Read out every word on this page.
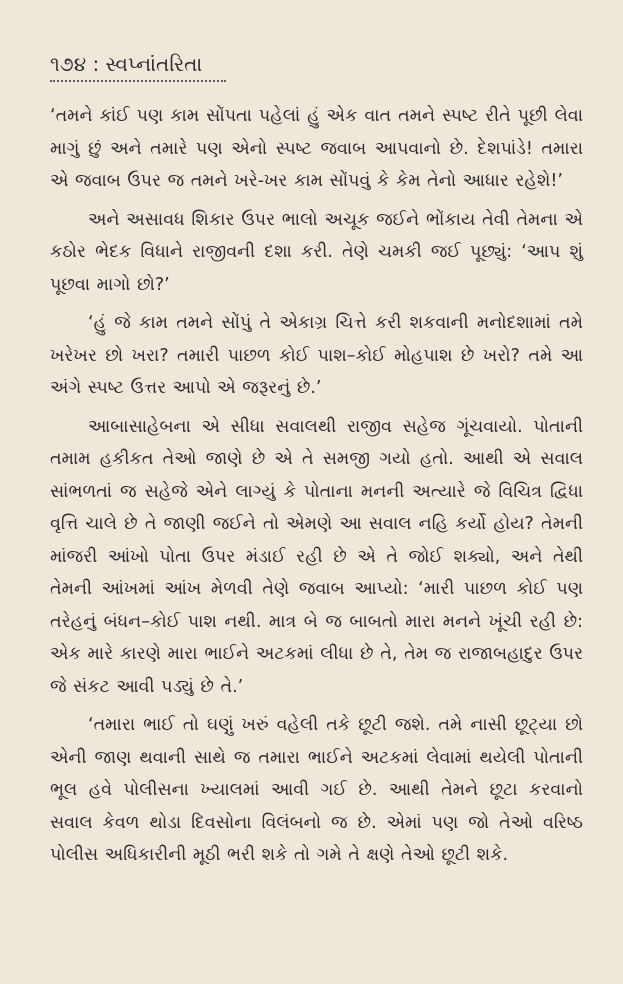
૧૭૪ : સ્વપ્નાંતરિતા

‘તમને કાંઈ પણ કામ સોંપતા પહેલાં હું એક વાત તમને સ્પષ્ટ રીતે પૂછી લેવા માગું છું અને તમારે પણ એનો સ્પષ્ટ જવાબ આપવાનો છે. દેશપાંડે! તમારા એ જવાબ ઉપર જ તમને ખરે-ખર કામ સોંપવું કે કેમ તેનો આધાર રહેશે!’

અને અસાવધ શિકાર ઉપર ભાલો અચૂક જઈને ભોંકાય તેવી તેમના એ કઠોર ભેદક વિધાને રાજીવની દશા કરી. તેણે ચમકી જઈ પૂછ્યું: ‘આપ શું પૂછવા માગો છો?’

‘હું જે કામ તમને સોંપું તે એકાગ્ર ચિત્તે કરી શકવાની મનોદશામાં તમે ખરેખર છો ખરા? તમારી પાછળ કોઈ પાશ–કોઈ મોહપાશ છે ખરો? તમે આ અંગે સ્પષ્ટ ઉત્તર આપો એ જરૂરનું છે.’

આબાસાહેબના એ સીધા સવાલથી રાજીવ સહેજ ગૂંચવાયો. પોતાની તમામ હકીકત તેઓ જાણે છે એ તે સમજી ગયો હતો. આથી એ સવાલ સાંભળતાં જ સહેજે એને લાગ્યું કે પોતાના મનની અત્યારે જે વિચિત્ર દ્વિધા વૃત્તિ ચાલે છે તે જાણી જઈને તો એમણે આ સવાલ નહિ કર્યો હોય? તેમની માંજરી આંખો પોતા ઉપર મંડાઈ રહી છે એ તે જોઈ શક્યો, અને તેથી તેમની આંખમાં આંખ મેળવી તેણે જવાબ આપ્યો: ‘મારી પાછળ કોઈ પણ તરેહનું બંધન–કોઈ પાશ નથી. માત્ર બે જ બાબતો મારા મનને ખૂંચી રહી છે: એક મારે કારણે મારા ભાઈને અટકમાં લીધા છે તે, તેમ જ રાજાબહાદુર ઉપર જે સંકટ આવી પડ્યું છે તે.’

‘તમારા ભાઈ તો ઘણું ખરું વહેલી તકે છૂટી જશે. તમે નાસી છૂટ્યા છો એની જાણ થવાની સાથે જ તમારા ભાઈને અટકમાં લેવામાં થયેલી પોતાની ભૂલ હવે પોલીસના ખ્યાલમાં આવી ગઈ છે. આથી તેમને છૂટા કરવાનો સવાલ કેવળ થોડા દિવસોના વિલંબનો જ છે. એમાં પણ જો તેઓ વરિષ્ઠ પોલીસ અધિકારીની મૂઠી ભરી શકે તો ગમે તે ક્ષણે તેઓ છૂટી શકે.
